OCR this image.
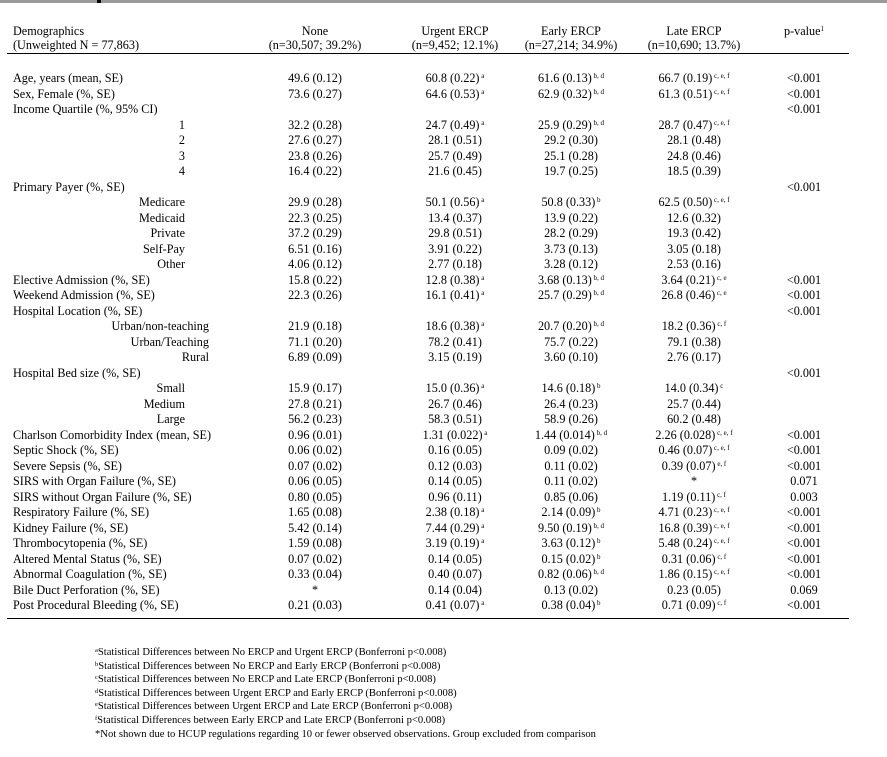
Demographics	None	Urgent ERCP	Early ERCP	Late ERCP	p-value$^1$
(Unweighted N = 77,863)	(n=30,507; 39.2%)	(n=9,452; 12.1%)	(n=27,214; 34.9%)	(n=10,690; 13.7%)	

Age, years (mean, SE)	49.6 (0.12)	60.8 (0.22) $^a$	61.6 (0.13) $^{b, d}$	66.7 (0.19) $^{c, e, f}$	<0.001
Sex, Female (%, SE)	73.6 (0.27)	64.6 (0.53) $^a$	62.9 (0.32) $^{b, d}$	61.3 (0.51) $^{c, e, f}$	<0.001
Income Quartile (%, 95% CI)					<0.001
1	32.2 (0.28)	24.7 (0.49) $^a$	25.9 (0.29) $^{b, d}$	28.7 (0.47) $^{c, e, f}$	
2	27.6 (0.27)	28.1 (0.51)	29.2 (0.30)	28.1 (0.48)	
3	23.8 (0.26)	25.7 (0.49)	25.1 (0.28)	24.8 (0.46)	
4	16.4 (0.22)	21.6 (0.45)	19.7 (0.25)	18.5 (0.39)	
Primary Payer (%, SE)					<0.001
Medicare	29.9 (0.28)	50.1 (0.56) $^a$	50.8 (0.33) $^b$	62.5 (0.50) $^{c, e, f}$	
Medicaid	22.3 (0.25)	13.4 (0.37)	13.9 (0.22)	12.6 (0.32)	
Private	37.2 (0.29)	29.8 (0.51)	28.2 (0.29)	19.3 (0.42)	
Self-Pay	6.51 (0.16)	3.91 (0.22)	3.73 (0.13)	3.05 (0.18)	
Other	4.06 (0.12)	2.77 (0.18)	3.28 (0.12)	2.53 (0.16)	
Elective Admission (%, SE)	15.8 (0.22)	12.8 (0.38) $^a$	3.68 (0.13) $^{b, d}$	3.64 (0.21) $^{c, e}$	<0.001
Weekend Admission (%, SE)	22.3 (0.26)	16.1 (0.41) $^a$	25.7 (0.29) $^{b, d}$	26.8 (0.46) $^{c, e}$	<0.001
Hospital Location (%, SE)					<0.001
Urban/non-teaching	21.9 (0.18)	18.6 (0.38) $^a$	20.7 (0.20) $^{b, d}$	18.2 (0.36) $^{c, f}$	
Urban/Teaching	71.1 (0.20)	78.2 (0.41)	75.7 (0.22)	79.1 (0.38)	
Rural	6.89 (0.09)	3.15 (0.19)	3.60 (0.10)	2.76 (0.17)	
Hospital Bed size (%, SE)					<0.001
Small	15.9 (0.17)	15.0 (0.36) $^a$	14.6 (0.18) $^b$	14.0 (0.34) $^c$	
Medium	27.8 (0.21)	26.7 (0.46)	26.4 (0.23)	25.7 (0.44)	
Large	56.2 (0.23)	58.3 (0.51)	58.9 (0.26)	60.2 (0.48)	
Charlson Comorbidity Index (mean, SE)	0.96 (0.01)	1.31 (0.022) $^a$	1.44 (0.014) $^{b, d}$	2.26 (0.028) $^{c, e, f}$	<0.001
Septic Shock (%, SE)	0.06 (0.02)	0.16 (0.05)	0.09 (0.02)	0.46 (0.07) $^{c, e, f}$	<0.001
Severe Sepsis (%, SE)	0.07 (0.02)	0.12 (0.03)	0.11 (0.02)	0.39 (0.07) $^{e, f}$	<0.001
SIRS with Organ Failure (%, SE)	0.06 (0.05)	0.14 (0.05)	0.11 (0.02)	*	0.071
SIRS without Organ Failure (%, SE)	0.80 (0.05)	0.96 (0.11)	0.85 (0.06)	1.19 (0.11) $^{c, f}$	0.003
Respiratory Failure (%, SE)	1.65 (0.08)	2.38 (0.18) $^a$	2.14 (0.09) $^b$	4.71 (0.23) $^{c, e, f}$	<0.001
Kidney Failure (%, SE)	5.42 (0.14)	7.44 (0.29) $^a$	9.50 (0.19) $^{b, d}$	16.8 (0.39) $^{c, e, f}$	<0.001
Thrombocytopenia (%, SE)	1.59 (0.08)	3.19 (0.19) $^a$	3.63 (0.12) $^b$	5.48 (0.24) $^{c, e, f}$	<0.001
Altered Mental Status (%, SE)	0.07 (0.02)	0.14 (0.05)	0.15 (0.02) $^b$	0.31 (0.06) $^{c, f}$	<0.001
Abnormal Coagulation (%, SE)	0.33 (0.04)	0.40 (0.07)	0.82 (0.06) $^{b, d}$	1.86 (0.15) $^{c, e, f}$	<0.001
Bile Duct Perforation (%, SE)	*	0.14 (0.04)	0.13 (0.02)	0.23 (0.05)	0.069
Post Procedural Bleeding (%, SE)	0.21 (0.03)	0.41 (0.07) $^a$	0.38 (0.04) $^b$	0.71 (0.09) $^{c, f}$	<0.001
$^a$Statistical Differences between No ERCP and Urgent ERCP (Bonferroni p<0.008)
$^b$Statistical Differences between No ERCP and Early ERCP (Bonferroni p<0.008)
$^c$Statistical Differences between No ERCP and Late ERCP (Bonferroni p<0.008)
$^d$Statistical Differences between Urgent ERCP and Early ERCP (Bonferroni p<0.008)
$^e$Statistical Differences between Urgent ERCP and Late ERCP (Bonferroni p<0.008)
$^f$Statistical Differences between Early ERCP and Late ERCP (Bonferroni p<0.008)
*Not shown due to HCUP regulations regarding 10 or fewer observed observations. Group excluded from comparison
